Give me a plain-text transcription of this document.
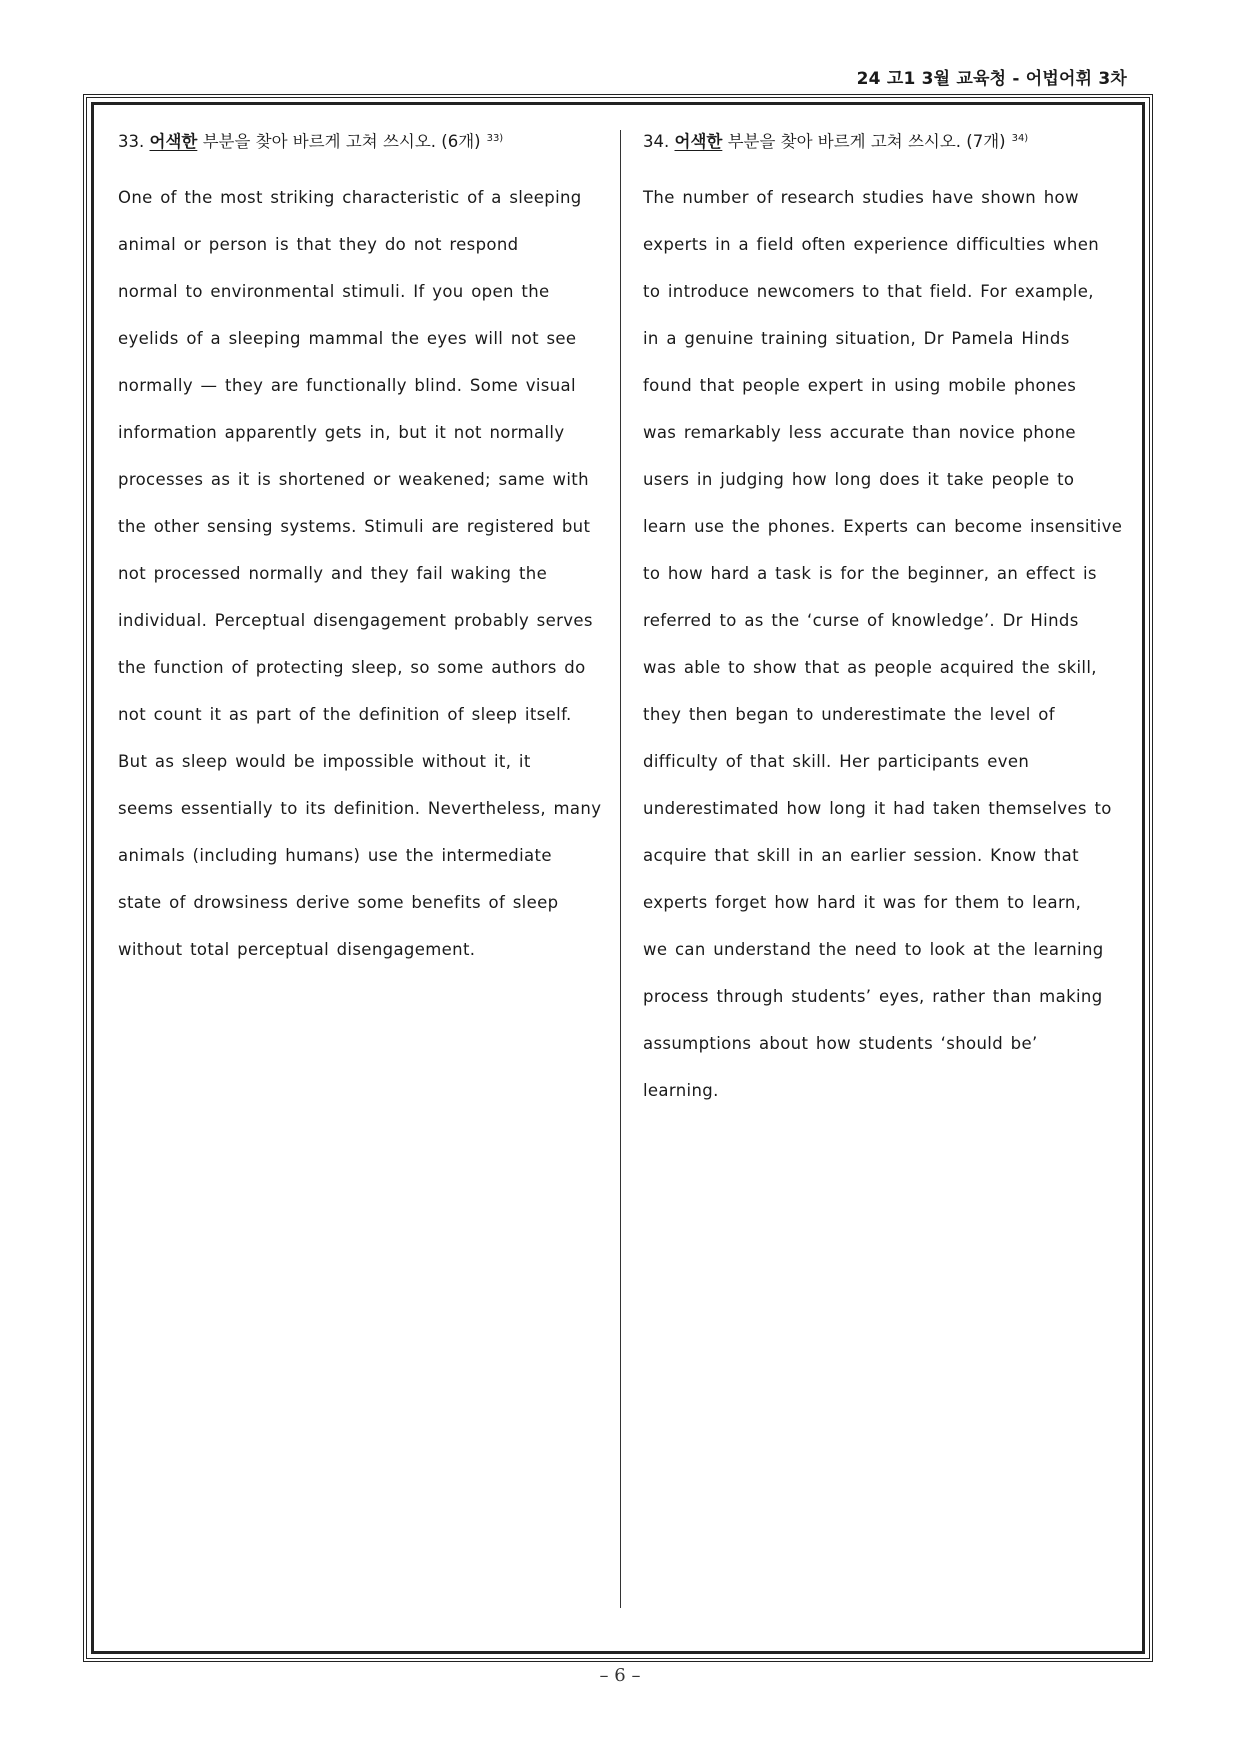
24 고1 3월 교육청 - 어법어휘 3차
33. 어색한 부분을 찾아 바르게 고쳐 쓰시오. (6개) $^{33)}$
One of the most striking characteristic of a sleeping
animal or person is that they do not respond
normal to environmental stimuli. If you open the
eyelids of a sleeping mammal the eyes will not see
normally — they are functionally blind. Some visual
information apparently gets in, but it not normally
processes as it is shortened or weakened; same with
the other sensing systems. Stimuli are registered but
not processed normally and they fail waking the
individual. Perceptual disengagement probably serves
the function of protecting sleep, so some authors do
not count it as part of the definition of sleep itself.
But as sleep would be impossible without it, it
seems essentially to its definition. Nevertheless, many
animals (including humans) use the intermediate
state of drowsiness derive some benefits of sleep
without total perceptual disengagement.
34. 어색한 부분을 찾아 바르게 고쳐 쓰시오. (7개) $^{34)}$
The number of research studies have shown how
experts in a field often experience difficulties when
to introduce newcomers to that field. For example,
in a genuine training situation, Dr Pamela Hinds
found that people expert in using mobile phones
was remarkably less accurate than novice phone
users in judging how long does it take people to
learn use the phones. Experts can become insensitive
to how hard a task is for the beginner, an effect is
referred to as the ‘curse of knowledge’. Dr Hinds
was able to show that as people acquired the skill,
they then began to underestimate the level of
difficulty of that skill. Her participants even
underestimated how long it had taken themselves to
acquire that skill in an earlier session. Know that
experts forget how hard it was for them to learn,
we can understand the need to look at the learning
process through students’ eyes, rather than making
assumptions about how students ‘should be’
learning.
– 6 –
